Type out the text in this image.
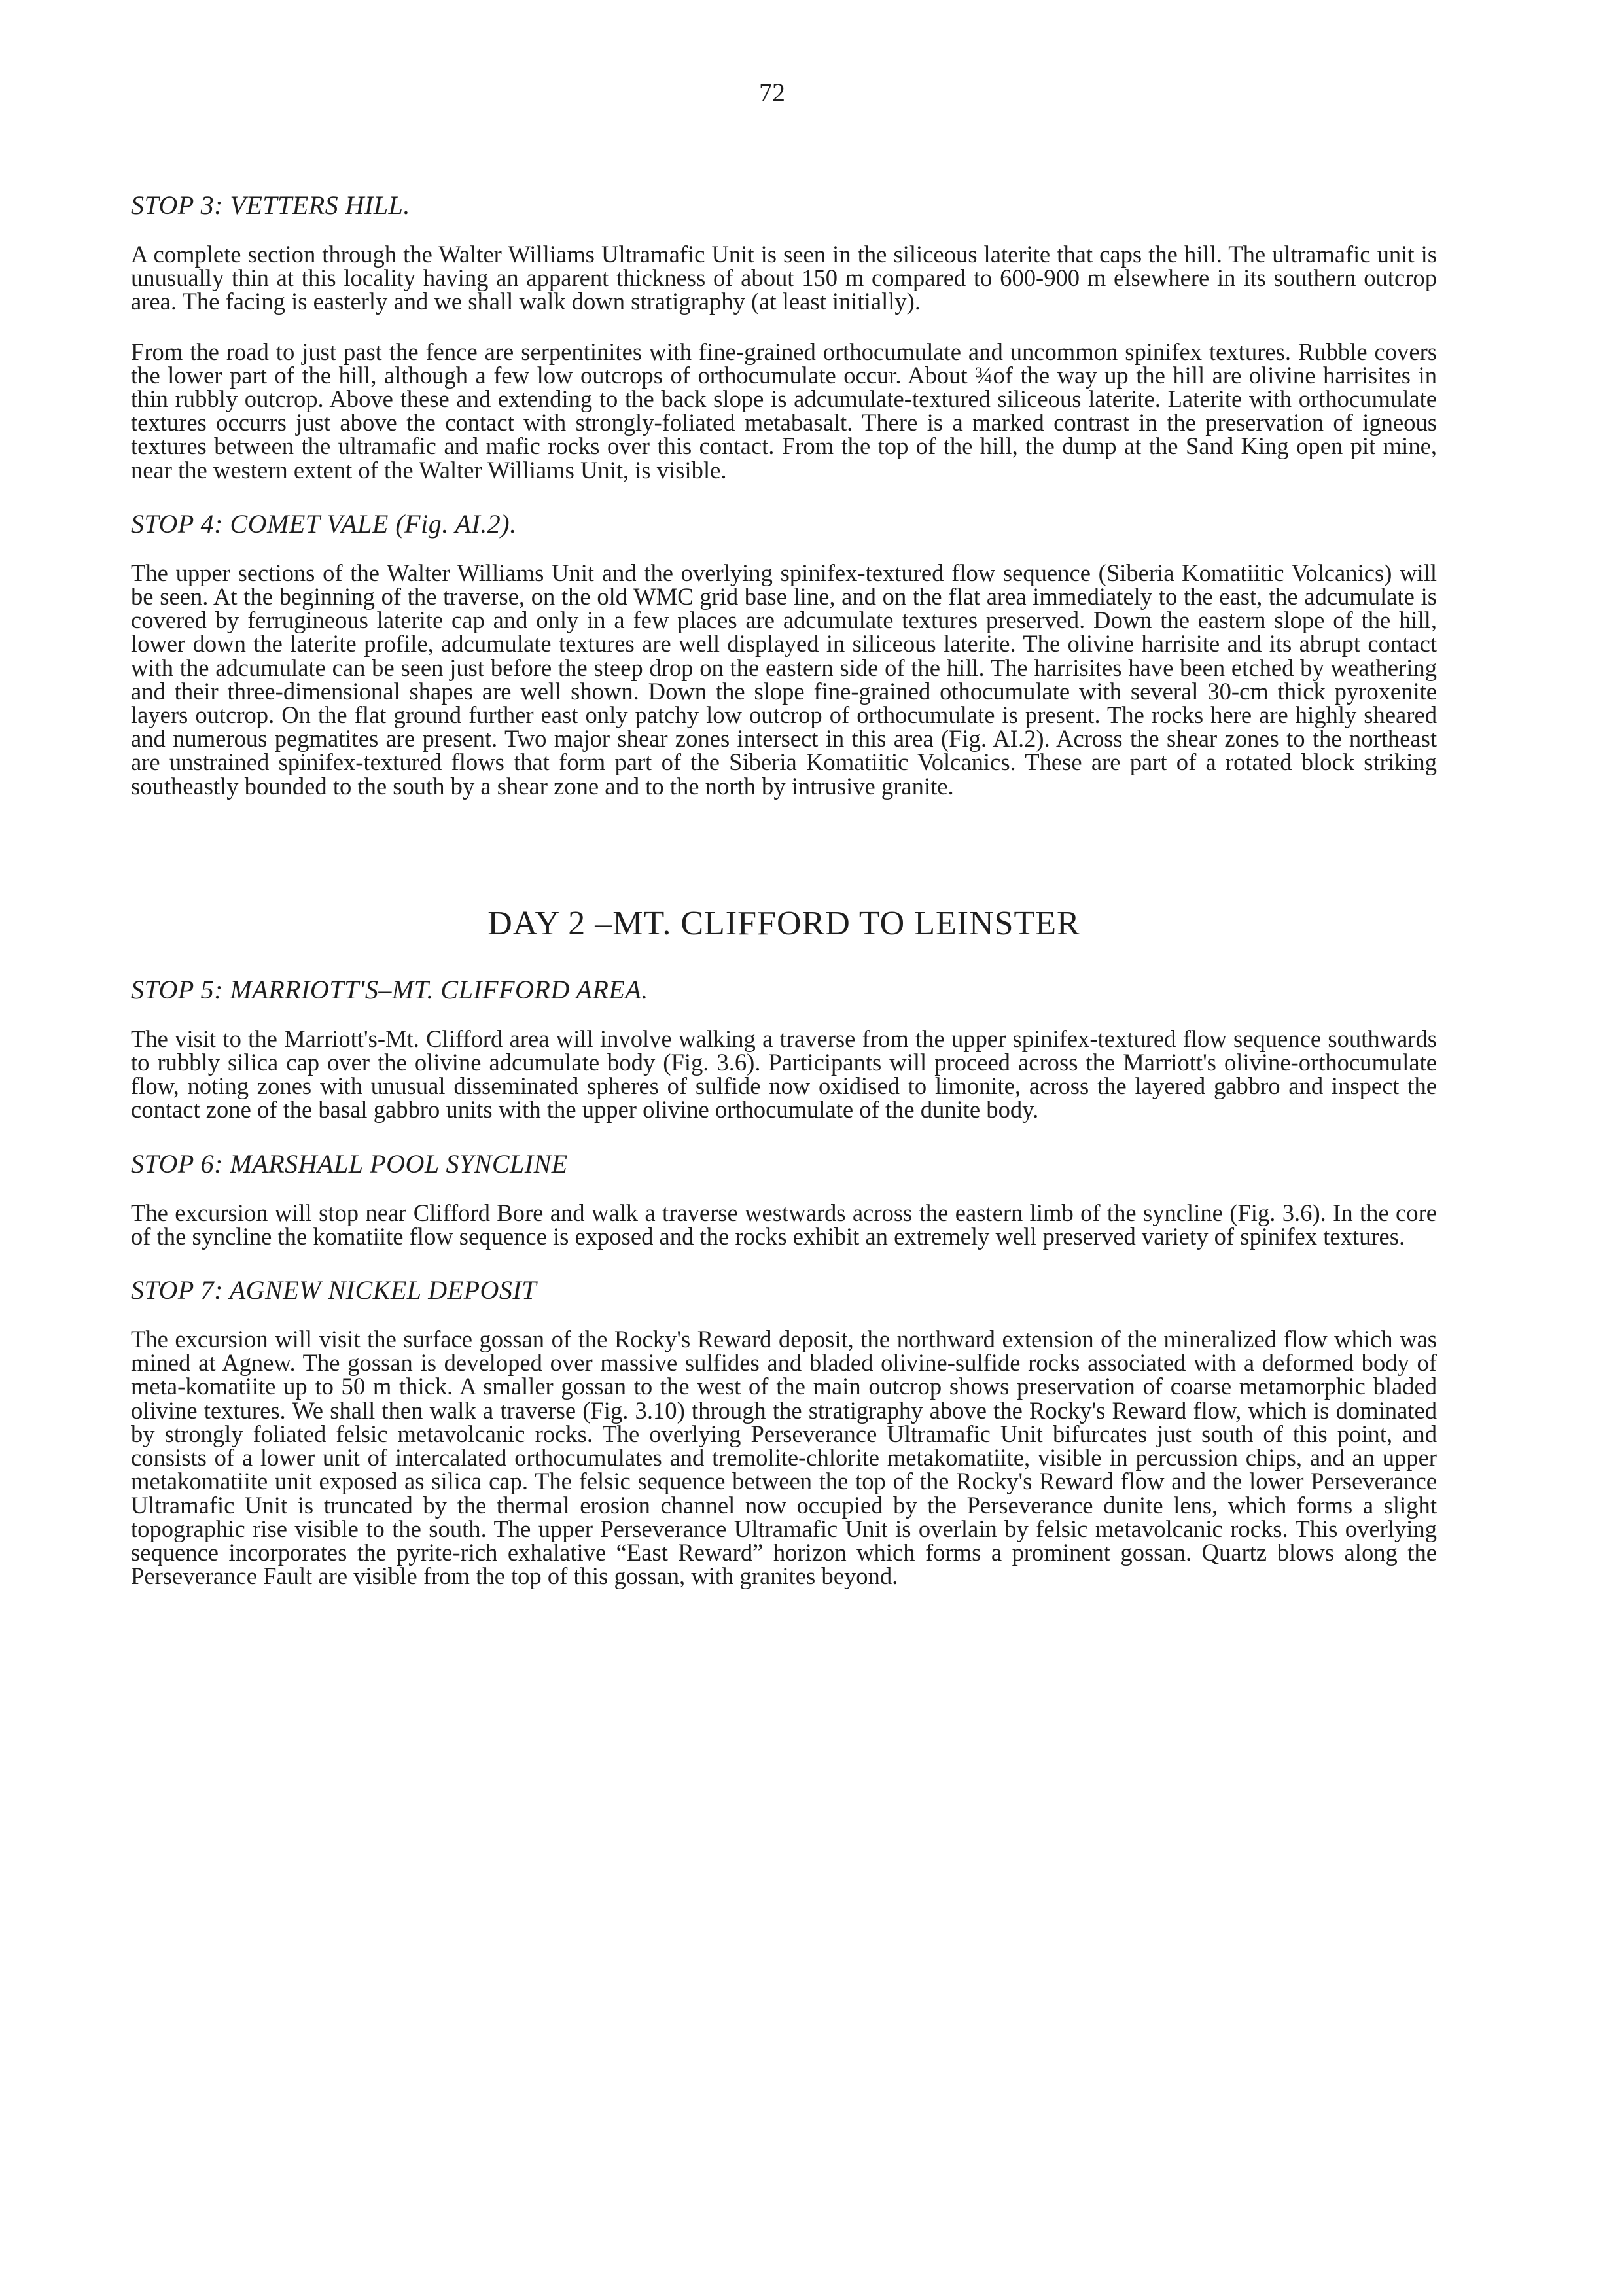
72
STOP 3: VETTERS HILL.

A complete section through the Walter Williams Ultramafic Unit is seen in the siliceous laterite that caps the hill. The ultramafic unit is unusually thin at this locality having an apparent thickness of about 150 m compared to 600-900 m elsewhere in its southern outcrop area. The facing is easterly and we shall walk down stratigraphy (at least initially).

From the road to just past the fence are serpentinites with fine-grained orthocumulate and uncommon spinifex textures. Rubble covers the lower part of the hill, although a few low outcrops of orthocumulate occur. About ¾of the way up the hill are olivine harrisites in thin rubbly outcrop. Above these and extending to the back slope is adcumulate-textured siliceous laterite. Laterite with orthocumulate textures occurrs just above the contact with strongly-foliated metabasalt. There is a marked contrast in the preservation of igneous textures between the ultramafic and mafic rocks over this contact. From the top of the hill, the dump at the Sand King open pit mine, near the western extent of the Walter Williams Unit, is visible.

STOP 4: COMET VALE (Fig. AI.2).

The upper sections of the Walter Williams Unit and the overlying spinifex-textured flow sequence (Siberia Komatiitic Volcanics) will be seen. At the beginning of the traverse, on the old WMC grid base line, and on the flat area immediately to the east, the adcumulate is covered by ferrugineous laterite cap and only in a few places are adcumulate textures preserved. Down the eastern slope of the hill, lower down the laterite profile, adcumulate textures are well displayed in siliceous laterite. The olivine harrisite and its abrupt contact with the adcumulate can be seen just before the steep drop on the eastern side of the hill. The harrisites have been etched by weathering and their three-dimensional shapes are well shown. Down the slope fine-grained othocumulate with several 30-cm thick pyroxenite layers outcrop. On the flat ground further east only patchy low outcrop of orthocumulate is present. The rocks here are highly sheared and numerous pegmatites are present. Two major shear zones intersect in this area (Fig. AI.2). Across the shear zones to the northeast are unstrained spinifex-textured flows that form part of the Siberia Komatiitic Volcanics. These are part of a rotated block striking southeastly bounded to the south by a shear zone and to the north by intrusive granite.

DAY 2 –MT. CLIFFORD TO LEINSTER
STOP 5: MARRIOTT'S–MT. CLIFFORD AREA.

The visit to the Marriott's-Mt. Clifford area will involve walking a traverse from the upper spinifex-textured flow sequence southwards to rubbly silica cap over the olivine adcumulate body (Fig. 3.6). Participants will proceed across the Marriott's olivine-orthocumulate flow, noting zones with unusual disseminated spheres of sulfide now oxidised to limonite, across the layered gabbro and inspect the contact zone of the basal gabbro units with the upper olivine orthocumulate of the dunite body.

STOP 6: MARSHALL POOL SYNCLINE

The excursion will stop near Clifford Bore and walk a traverse westwards across the eastern limb of the syncline (Fig. 3.6). In the core of the syncline the komatiite flow sequence is exposed and the rocks exhibit an extremely well preserved variety of spinifex textures.

STOP 7: AGNEW NICKEL DEPOSIT

The excursion will visit the surface gossan of the Rocky's Reward deposit, the northward extension of the mineralized flow which was mined at Agnew. The gossan is developed over massive sulfides and bladed olivine-sulfide rocks associated with a deformed body of meta-komatiite up to 50 m thick. A smaller gossan to the west of the main outcrop shows preservation of coarse metamorphic bladed olivine textures. We shall then walk a traverse (Fig. 3.10) through the stratigraphy above the Rocky's Reward flow, which is dominated by strongly foliated felsic metavolcanic rocks. The overlying Perseverance Ultramafic Unit bifurcates just south of this point, and consists of a lower unit of intercalated orthocumulates and tremolite-chlorite metakomatiite, visible in percussion chips, and an upper metakomatiite unit exposed as silica cap. The felsic sequence between the top of the Rocky's Reward flow and the lower Perseverance Ultramafic Unit is truncated by the thermal erosion channel now occupied by the Perseverance dunite lens, which forms a slight topographic rise visible to the south. The upper Perseverance Ultramafic Unit is overlain by felsic metavolcanic rocks. This overlying sequence incorporates the pyrite-rich exhalative “East Reward” horizon which forms a prominent gossan. Quartz blows along the Perseverance Fault are visible from the top of this gossan, with granites beyond.
